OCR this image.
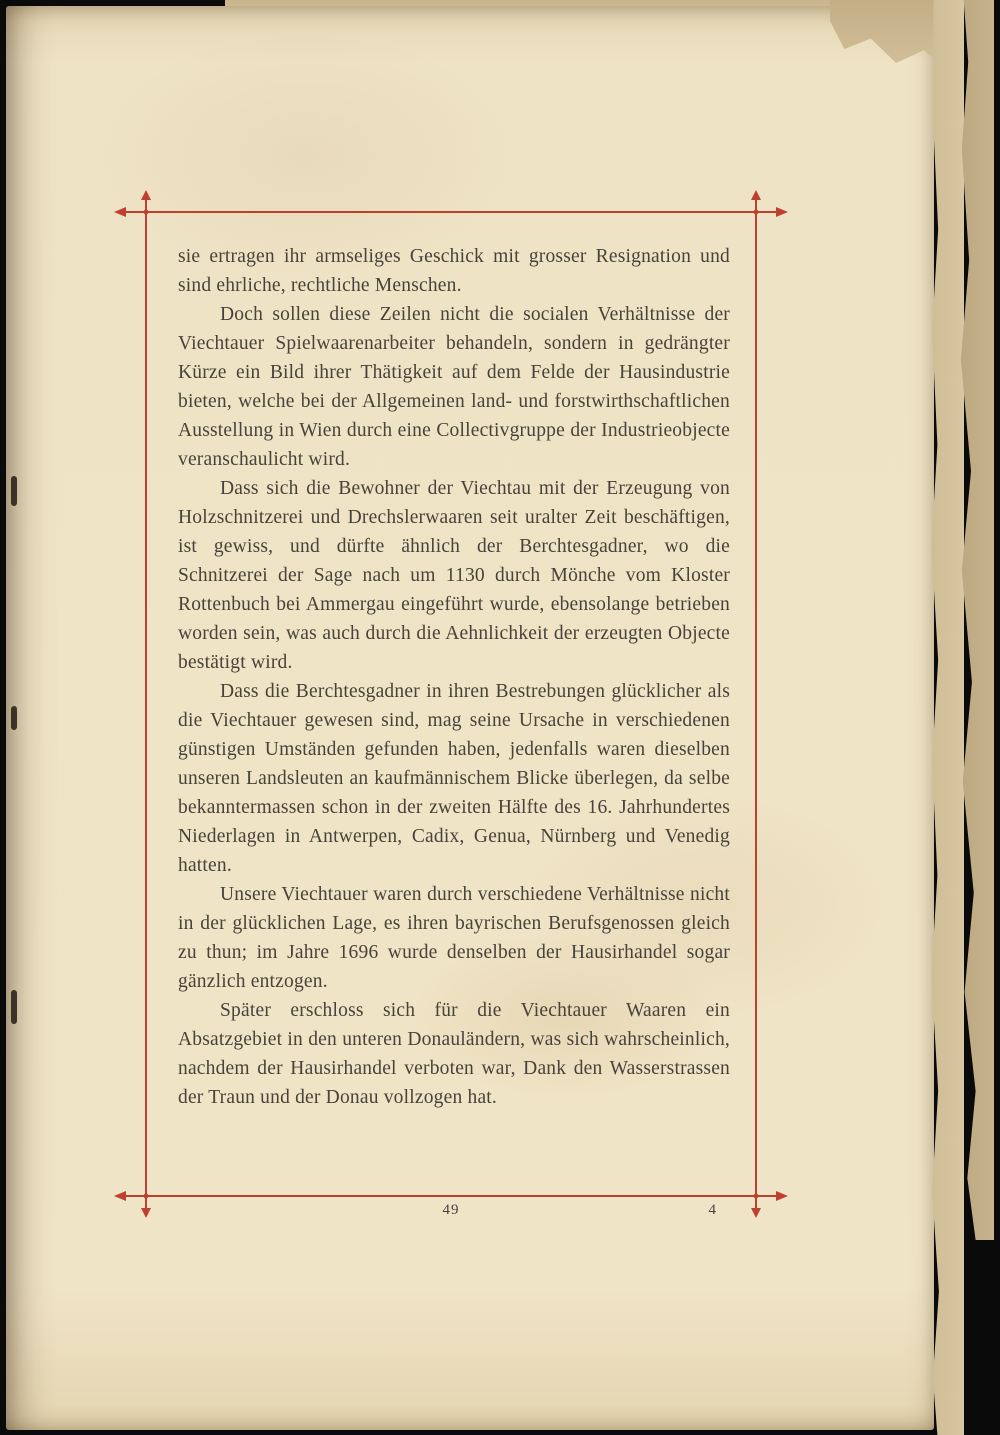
sie ertragen ihr armseliges Geschick mit grosser Resignation und sind ehrliche, rechtliche Menschen.

Doch sollen diese Zeilen nicht die socialen Verhältnisse der Viechtauer Spielwaarenarbeiter behandeln, sondern in gedrängter Kürze ein Bild ihrer Thätigkeit auf dem Felde der Hausindustrie bieten, welche bei der Allgemeinen land- und forstwirthschaftlichen Ausstellung in Wien durch eine Collectivgruppe der Industrieobjecte veranschaulicht wird.

Dass sich die Bewohner der Viechtau mit der Erzeugung von Holzschnitzerei und Drechslerwaaren seit uralter Zeit beschäftigen, ist gewiss, und dürfte ähnlich der Berchtesgadner, wo die Schnitzerei der Sage nach um 1130 durch Mönche vom Kloster Rottenbuch bei Ammergau eingeführt wurde, ebensolange betrieben worden sein, was auch durch die Aehnlichkeit der erzeugten Objecte bestätigt wird.

Dass die Berchtesgadner in ihren Bestrebungen glücklicher als die Viechtauer gewesen sind, mag seine Ursache in verschiedenen günstigen Umständen gefunden haben, jedenfalls waren dieselben unseren Landsleuten an kaufmännischem Blicke überlegen, da selbe bekanntermassen schon in der zweiten Hälfte des 16. Jahrhundertes Niederlagen in Antwerpen, Cadix, Genua, Nürnberg und Venedig hatten.

Unsere Viechtauer waren durch verschiedene Verhältnisse nicht in der glücklichen Lage, es ihren bayrischen Berufsgenossen gleich zu thun; im Jahre 1696 wurde denselben der Hausirhandel sogar gänzlich entzogen.

Später erschloss sich für die Viechtauer Waaren ein Absatzgebiet in den unteren Donauländern, was sich wahrscheinlich, nachdem der Hausirhandel verboten war, Dank den Wasserstrassen der Traun und der Donau vollzogen hat.

49	4
